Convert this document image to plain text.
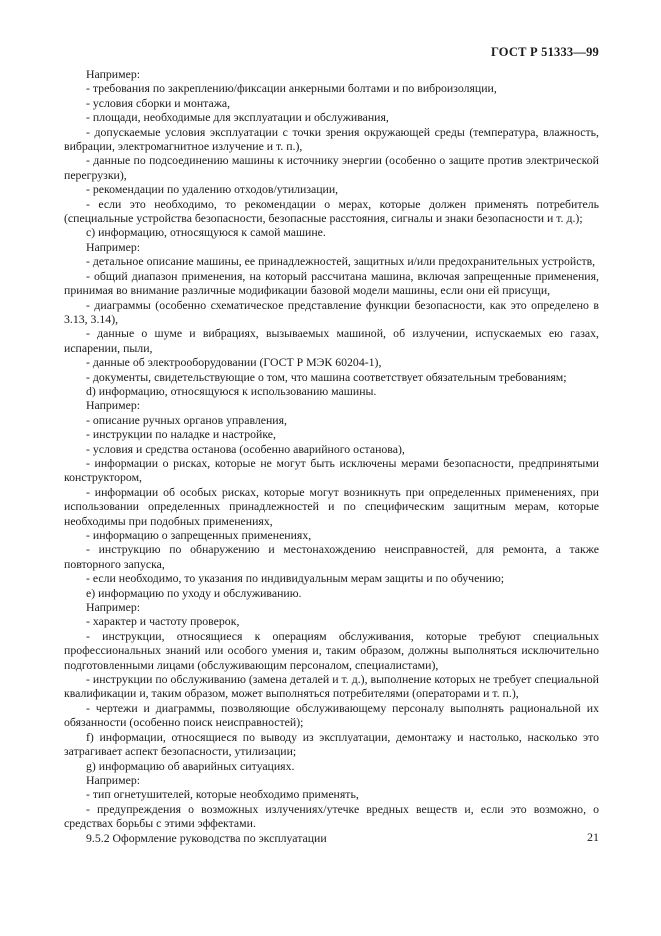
ГОСТ Р 51333—99

Например:

- требования по закреплению/фиксации анкерными болтами и по виброизоляции,

- условия сборки и монтажа,

- площади, необходимые для эксплуатации и обслуживания,

- допускаемые условия эксплуатации с точки зрения окружающей среды (температура, влажность, вибрации, электромагнитное излучение и т. п.),

- данные по подсоединению машины к источнику энергии (особенно о защите против электрической перегрузки),

- рекомендации по удалению отходов/утилизации,

- если это необходимо, то рекомендации о мерах, которые должен применять потребитель (специальные устройства безопасности, безопасные расстояния, сигналы и знаки безопасности и т. д.);

c) информацию, относящуюся к самой машине.

Например:

- детальное описание машины, ее принадлежностей, защитных и/или предохранительных устройств,

- общий диапазон применения, на который рассчитана машина, включая запрещенные применения, принимая во внимание различные модификации базовой модели машины, если они ей присущи,

- диаграммы (особенно схематическое представление функции безопасности, как это определено в 3.13, 3.14),

- данные о шуме и вибрациях, вызываемых машиной, об излучении, испускаемых ею газах, испарении, пыли,

- данные об электрооборудовании (ГОСТ Р МЭК 60204-1),

- документы, свидетельствующие о том, что машина соответствует обязательным требованиям;

d) информацию, относящуюся к использованию машины.

Например:

- описание ручных органов управления,

- инструкции по наладке и настройке,

- условия и средства останова (особенно аварийного останова),

- информации о рисках, которые не могут быть исключены мерами безопасности, предпринятыми конструктором,

- информации об особых рисках, которые могут возникнуть при определенных применениях, при использовании определенных принадлежностей и по специфическим защитным мерам, которые необходимы при подобных применениях,

- информацию о запрещенных применениях,

- инструкцию по обнаружению и местонахождению неисправностей, для ремонта, а также повторного запуска,

- если необходимо, то указания по индивидуальным мерам защиты и по обучению;

e) информацию по уходу и обслуживанию.

Например:

- характер и частоту проверок,

- инструкции, относящиеся к операциям обслуживания, которые требуют специальных профессиональных знаний или особого умения и, таким образом, должны выполняться исключительно подготовленными лицами (обслуживающим персоналом, специалистами),

- инструкции по обслуживанию (замена деталей и т. д.), выполнение которых не требует специальной квалификации и, таким образом, может выполняться потребителями (операторами и т. п.),

- чертежи и диаграммы, позволяющие обслуживающему персоналу выполнять рациональной их обязанности (особенно поиск неисправностей);

f) информации, относящиеся по выводу из эксплуатации, демонтажу и настолько, насколько это затрагивает аспект безопасности, утилизации;

g) информацию об аварийных ситуациях.

Например:

- тип огнетушителей, которые необходимо применять,

- предупреждения о возможных излучениях/утечке вредных веществ и, если это возможно, о средствах борьбы с этими эффектами.

9.5.2 Оформление руководства по эксплуатации	21
